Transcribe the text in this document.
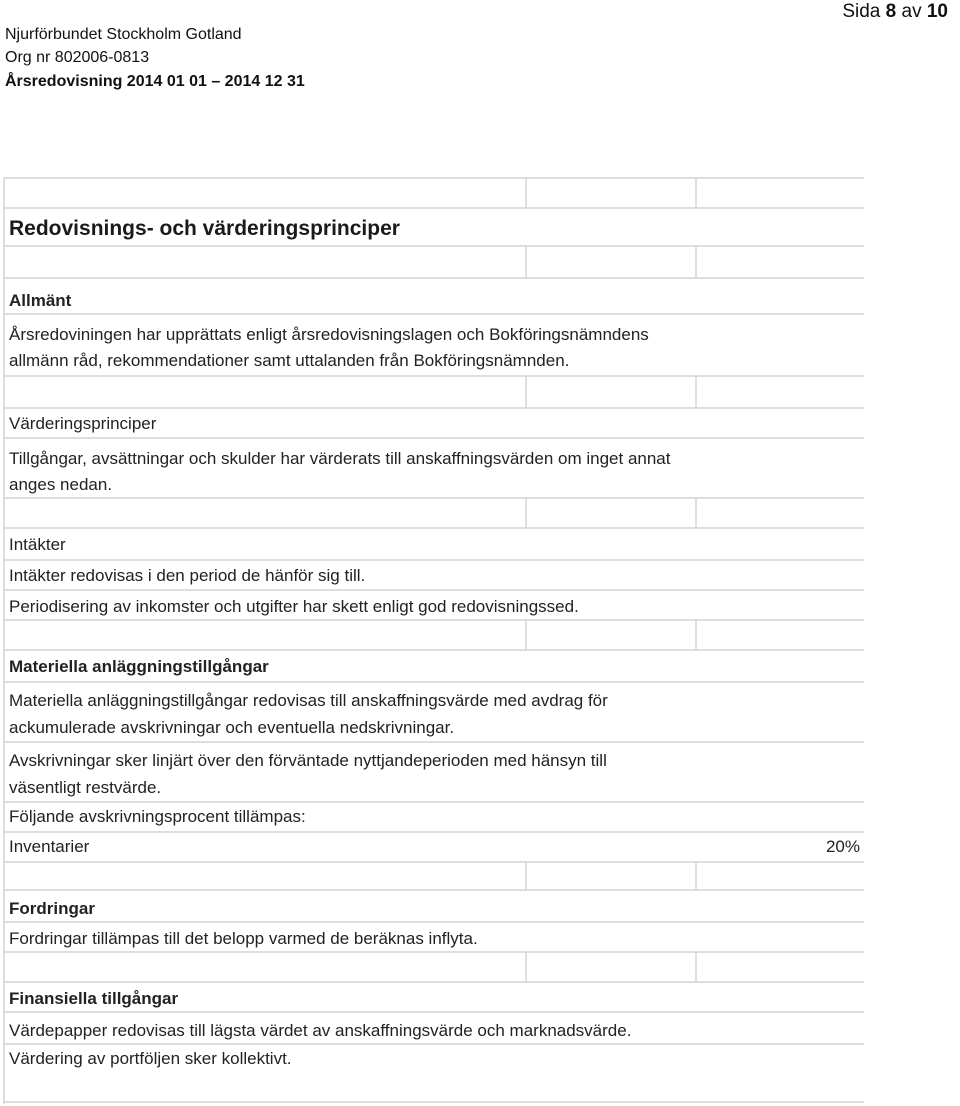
Njurförbundet Stockholm Gotland
Org nr 802006-0813
Årsredovisning 2014 01 01 – 2014 12 31
Sida 8 av 10
Redovisnings- och värderingsprinciper
Allmänt
Årsredoviningen har upprättats enligt årsredovisningslagen och Bokföringsnämndens
allmänn råd, rekommendationer samt uttalanden från Bokföringsnämnden.
Värderingsprinciper
Tillgångar, avsättningar och skulder har värderats till anskaffningsvärden om inget annat
anges nedan.
Intäkter
Intäkter redovisas i den period de hänför sig till.
Periodisering av inkomster och utgifter har skett enligt god redovisningssed.
Materiella anläggningstillgångar
Materiella anläggningstillgångar redovisas till anskaffningsvärde med avdrag för
ackumulerade avskrivningar och eventuella nedskrivningar.
Avskrivningar sker linjärt över den förväntade nyttjandeperioden med hänsyn till
väsentligt restvärde.
Följande avskrivningsprocent tillämpas:
Inventarier	20%
Fordringar
Fordringar tillämpas till det belopp varmed de beräknas inflyta.
Finansiella tillgångar
Värdepapper redovisas till lägsta värdet av anskaffningsvärde och marknadsvärde.
Värdering av portföljen sker kollektivt.
